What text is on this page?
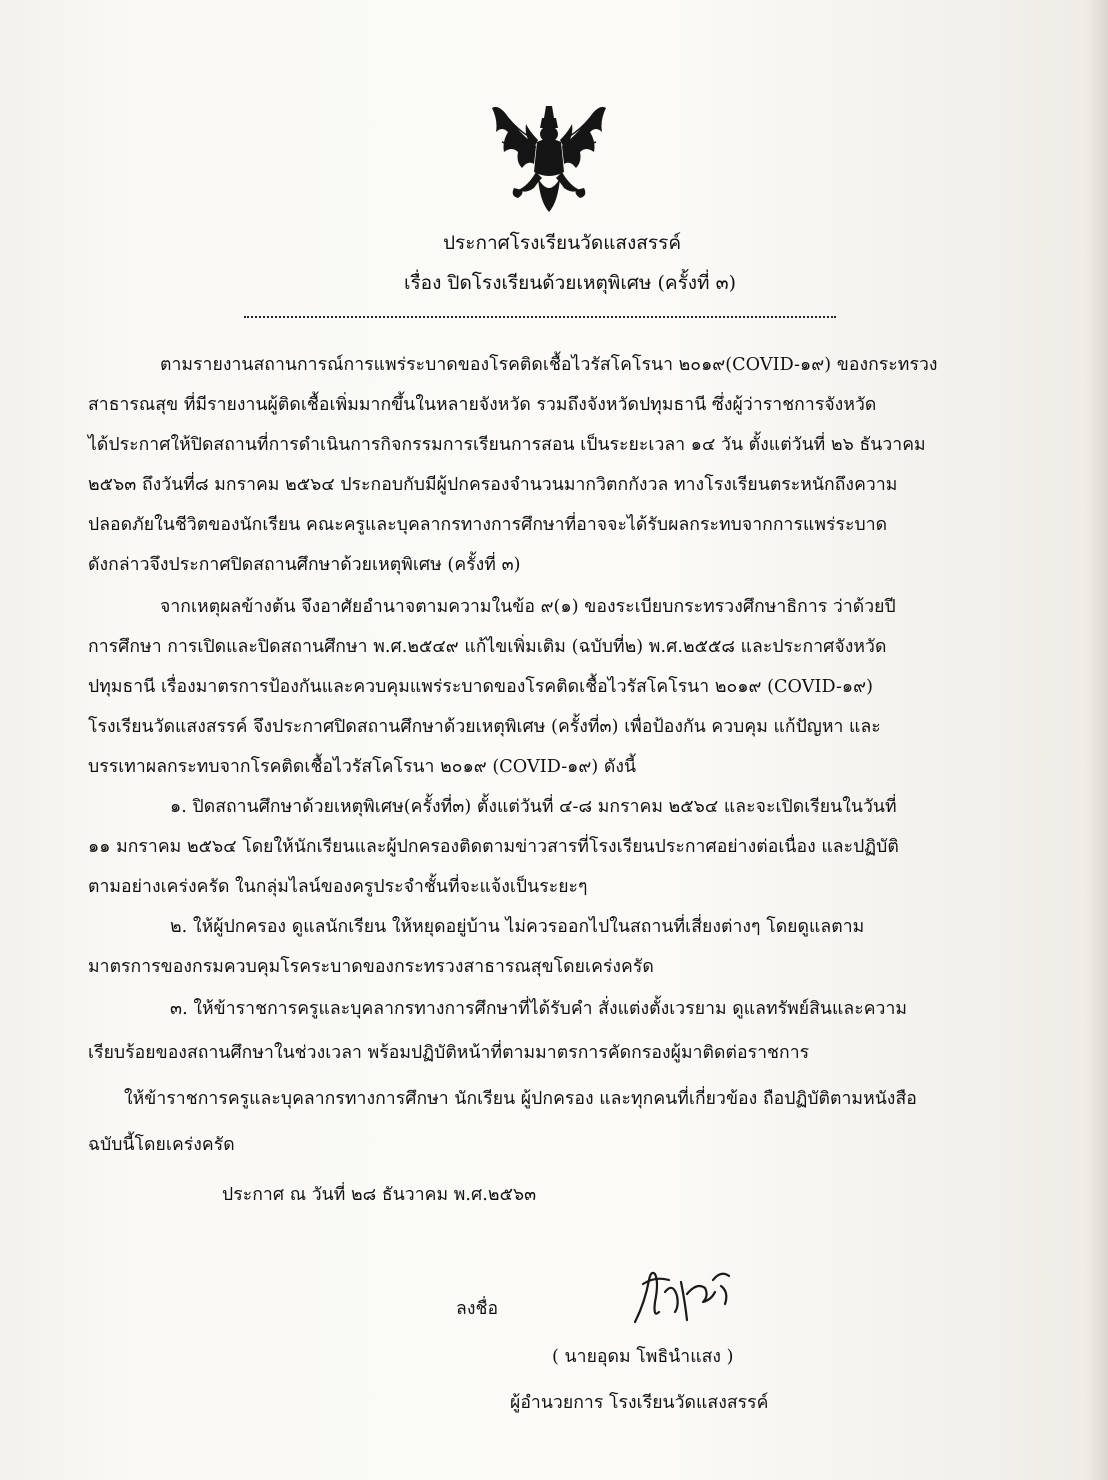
ประกาศโรงเรียนวัดแสงสรรค์
เรื่อง ปิดโรงเรียนด้วยเหตุพิเศษ (ครั้งที่ ๓)
ตามรายงานสถานการณ์การแพร่ระบาดของโรคติดเชื้อไวรัสโคโรนา ๒๐๑๙(COVID-๑๙) ของกระทรวง
สาธารณสุข ที่มีรายงานผู้ติดเชื้อเพิ่มมากขึ้นในหลายจังหวัด รวมถึงจังหวัดปทุมธานี ซึ่งผู้ว่าราชการจังหวัด
ได้ประกาศให้ปิดสถานที่การดำเนินการกิจกรรมการเรียนการสอน เป็นระยะเวลา ๑๔ วัน ตั้งแต่วันที่ ๒๖ ธันวาคม
๒๕๖๓ ถึงวันที่๘ มกราคม ๒๕๖๔ ประกอบกับมีผู้ปกครองจำนวนมากวิตกกังวล ทางโรงเรียนตระหนักถึงความ
ปลอดภัยในชีวิตของนักเรียน คณะครูและบุคลากรทางการศึกษาที่อาจจะได้รับผลกระทบจากการแพร่ระบาด
ดังกล่าวจึงประกาศปิดสถานศึกษาด้วยเหตุพิเศษ (ครั้งที่ ๓)
จากเหตุผลข้างต้น จึงอาศัยอำนาจตามความในข้อ ๙(๑) ของระเบียบกระทรวงศึกษาธิการ ว่าด้วยปี
การศึกษา การเปิดและปิดสถานศึกษา พ.ศ.๒๕๔๙ แก้ไขเพิ่มเติม (ฉบับที่๒) พ.ศ.๒๕๕๘ และประกาศจังหวัด
ปทุมธานี เรื่องมาตรการป้องกันและควบคุมแพร่ระบาดของโรคติดเชื้อไวรัสโคโรนา ๒๐๑๙ (COVID-๑๙)
โรงเรียนวัดแสงสรรค์ จึงประกาศปิดสถานศึกษาด้วยเหตุพิเศษ (ครั้งที่๓) เพื่อป้องกัน ควบคุม แก้ปัญหา และ
บรรเทาผลกระทบจากโรคติดเชื้อไวรัสโคโรนา ๒๐๑๙ (COVID-๑๙) ดังนี้
๑. ปิดสถานศึกษาด้วยเหตุพิเศษ(ครั้งที่๓) ตั้งแต่วันที่ ๔-๘ มกราคม ๒๕๖๔ และจะเปิดเรียนในวันที่
๑๑ มกราคม ๒๕๖๔ โดยให้นักเรียนและผู้ปกครองติดตามข่าวสารที่โรงเรียนประกาศอย่างต่อเนื่อง และปฏิบัติ
ตามอย่างเคร่งครัด ในกลุ่มไลน์ของครูประจำชั้นที่จะแจ้งเป็นระยะๆ
๒. ให้ผู้ปกครอง ดูแลนักเรียน ให้หยุดอยู่บ้าน ไม่ควรออกไปในสถานที่เสี่ยงต่างๆ โดยดูแลตาม
มาตรการของกรมควบคุมโรคระบาดของกระทรวงสาธารณสุขโดยเคร่งครัด
๓. ให้ข้าราชการครูและบุคลากรทางการศึกษาที่ได้รับคำ สั่งแต่งตั้งเวรยาม ดูแลทรัพย์สินและความ
เรียบร้อยของสถานศึกษาในช่วงเวลา พร้อมปฏิบัติหน้าที่ตามมาตรการคัดกรองผู้มาติดต่อราชการ
ให้ข้าราชการครูและบุคลากรทางการศึกษา นักเรียน ผู้ปกครอง และทุกคนที่เกี่ยวข้อง ถือปฏิบัติตามหนังสือ
ฉบับนี้โดยเคร่งครัด
ประกาศ ณ วันที่ ๒๘ ธันวาคม พ.ศ.๒๕๖๓
ลงชื่อ
( นายอุดม โพธินำแสง )
ผู้อำนวยการ โรงเรียนวัดแสงสรรค์
